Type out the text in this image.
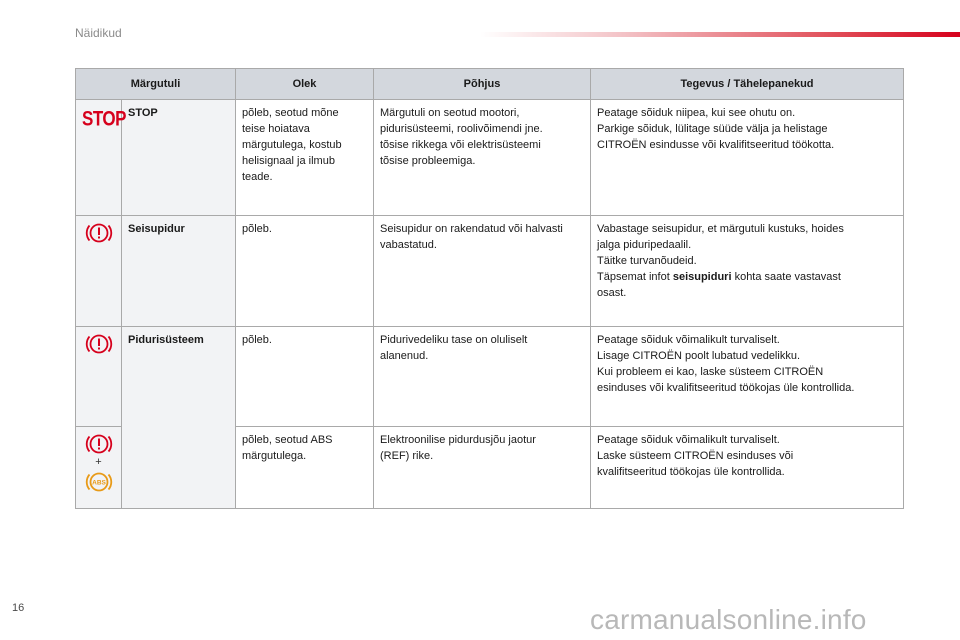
Näidikud
Märgutuli		Olek	Põhjus	Tegevus / Tähelepanekud
STOP	STOP	põleb, seotud mõne
teise hoiatava
märgutulega, kostub
helisignaal ja ilmub
teade.	Märgutuli on seotud mootori,
pidurisüsteemi, roolivõimendi jne.
tõsise rikkega või elektrisüsteemi
tõsise probleemiga.	Peatage sõiduk niipea, kui see ohutu on.
Parkige sõiduk, lülitage süüde välja ja helistage
CITROËN esindusse või kvalifitseeritud töökotta.

	Seisupidur	põleb.	Seisupidur on rakendatud või halvasti
vabastatud.	Vabastage seisupidur, et märgutuli kustuks, hoides
jalga piduripedaalil.
Täitke turvanõudeid.
Täpsemat infot seisupiduri kohta saate vastavast
osast.

	Pidurisüsteem	põleb.	Pidurivedeliku tase on oluliselt
alanenud.	Peatage sõiduk võimalikult turvaliselt.
Lisage CITROËN poolt lubatud vedelikku.
Kui probleem ei kao, laske süsteem CITROËN
esinduses või kvalifitseeritud töökojas üle kontrollida.

+
ABS		põleb, seotud ABS
märgutulega.	Elektroonilise pidurdusjõu jaotur
(REF) rike.	Peatage sõiduk võimalikult turvaliselt.
Laske süsteem CITROËN esinduses või
kvalifitseeritud töökojas üle kontrollida.
16	carmanualsonline.info
